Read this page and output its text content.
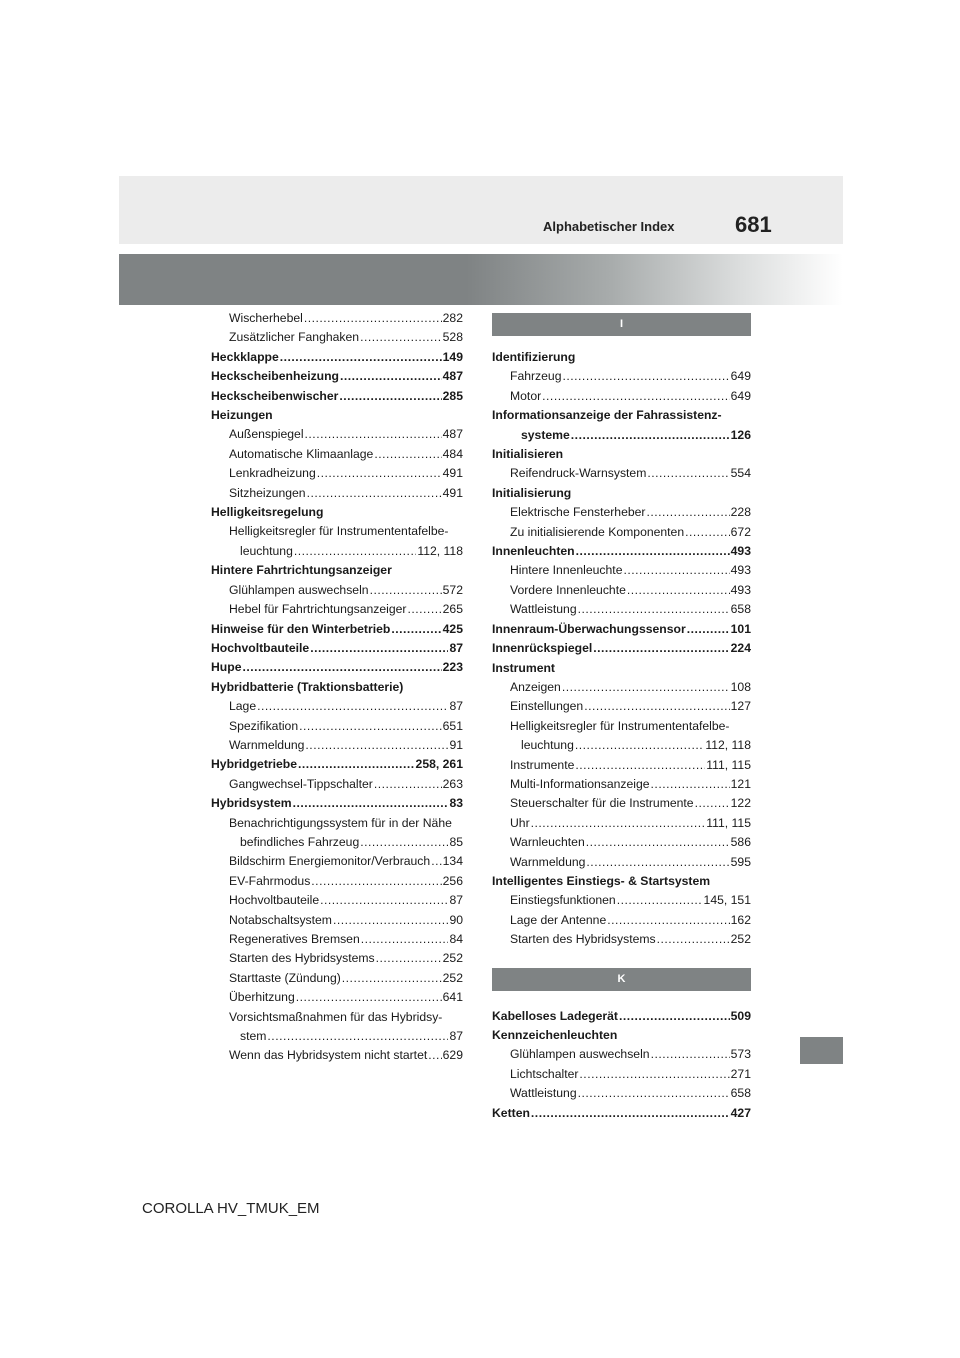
Alphabetischer Index	681
Wischerhebel .....	282
Zusätzlicher Fanghaken .....	528
Heckklappe .....	149
Heckscheibenheizung .....	487
Heckscheibenwischer .....	285
Heizungen
Außenspiegel .....	487
Automatische Klimaanlage .....	484
Lenkradheizung .....	491
Sitzheizungen .....	491
Helligkeitsregelung
Helligkeitsregler für Instrumententafelbe-
leuchtung .....	112, 118
Hintere Fahrtrichtungsanzeiger
Glühlampen auswechseln .....	572
Hebel für Fahrtrichtungsanzeiger .....	265
Hinweise für den Winterbetrieb .....	425
Hochvoltbauteile .....	87
Hupe .....	223
Hybridbatterie (Traktionsbatterie)
Lage .....	87
Spezifikation .....	651
Warnmeldung .....	91
Hybridgetriebe .....	258, 261
Gangwechsel-Tippschalter .....	263
Hybridsystem .....	83
Benachrichtigungssystem für in der Nähe
befindliches Fahrzeug .....	85
Bildschirm Energiemonitor/Verbrauch ..... 134
EV-Fahrmodus .....	256
Hochvoltbauteile .....	87
Notabschaltsystem .....	90
Regeneratives Bremsen .....	84
Starten des Hybridsystems .....	252
Starttaste (Zündung) .....	252
Überhitzung .....	641
Vorsichtsmaßnahmen für das Hybridsy-
stem .....	87
Wenn das Hybridsystem nicht startet ..... 629
I
Identifizierung
Fahrzeug .....	649
Motor .....	649
Informationsanzeige der Fahrassistenz-
systeme .....	126
Initialisieren
Reifendruck-Warnsystem .....	554
Initialisierung
Elektrische Fensterheber .....	228
Zu initialisierende Komponenten .....	672
Innenleuchten .....	493
Hintere Innenleuchte .....	493
Vordere Innenleuchte .....	493
Wattleistung .....	658
Innenraum-Überwachungssensor .....	101
Innenrückspiegel .....	224
Instrument
Anzeigen .....	108
Einstellungen .....	127
Helligkeitsregler für Instrumententafelbe-
leuchtung .....	112, 118
Instrumente .....	111, 115
Multi-Informationsanzeige .....	121
Steuerschalter für die Instrumente .....	122
Uhr .....	111, 115
Warnleuchten .....	586
Warnmeldung .....	595
Intelligentes Einstiegs- & Startsystem
Einstiegsfunktionen .....	145, 151
Lage der Antenne .....	162
Starten des Hybridsystems .....	252
K
Kabelloses Ladegerät .....	509
Kennzeichenleuchten
Glühlampen auswechseln .....	573
Lichtschalter .....	271
Wattleistung .....	658
Ketten .....	427
COROLLA HV_TMUK_EM
